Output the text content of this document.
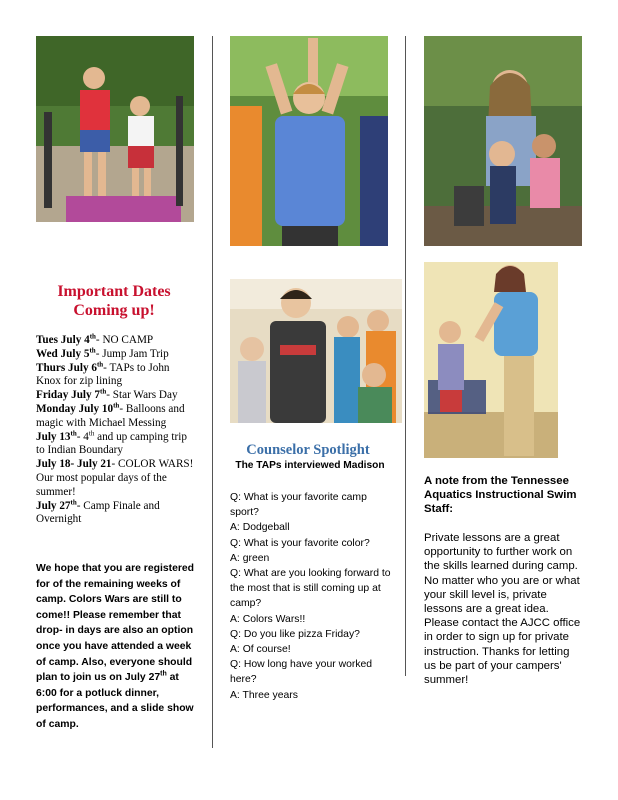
Important Dates
Coming up!
Tues July 4th- NO CAMP
Wed July 5th- Jump Jam Trip
Thurs July 6th- TAPs to John Knox for zip lining
Friday July 7th- Star Wars Day
Monday July 10th- Balloons and magic with Michael Messing
July 13th- 4th and up camping trip to Indian Boundary
July 18- July 21- COLOR WARS! Our most popular days of the summer!
July 27th- Camp Finale and Overnight
We hope that you are registered for of the remaining weeks of camp. Colors Wars are still to come!! Please remember that drop- in days are also an option once you have attended a week of camp. Also, everyone should plan to join us on July 27th at 6:00 for a potluck dinner, performances, and a slide show of camp.
Counselor Spotlight
The TAPs interviewed Madison
Q: What is your favorite camp sport?
A: Dodgeball
Q: What is your favorite color?
A: green
Q: What are you looking forward to the most that is still coming up at camp?
A: Colors Wars!!
Q: Do you like pizza Friday?
A: Of course!
Q: How long have your worked here?
A: Three years
A note from the Tennessee Aquatics Instructional Swim Staff:
Private lessons are a great opportunity to further work on the skills learned during camp. No matter who you are or what your skill level is, private lessons are a great idea. Please contact the AJCC office in order to sign up for private instruction. Thanks for letting us be part of your campers' summer!
